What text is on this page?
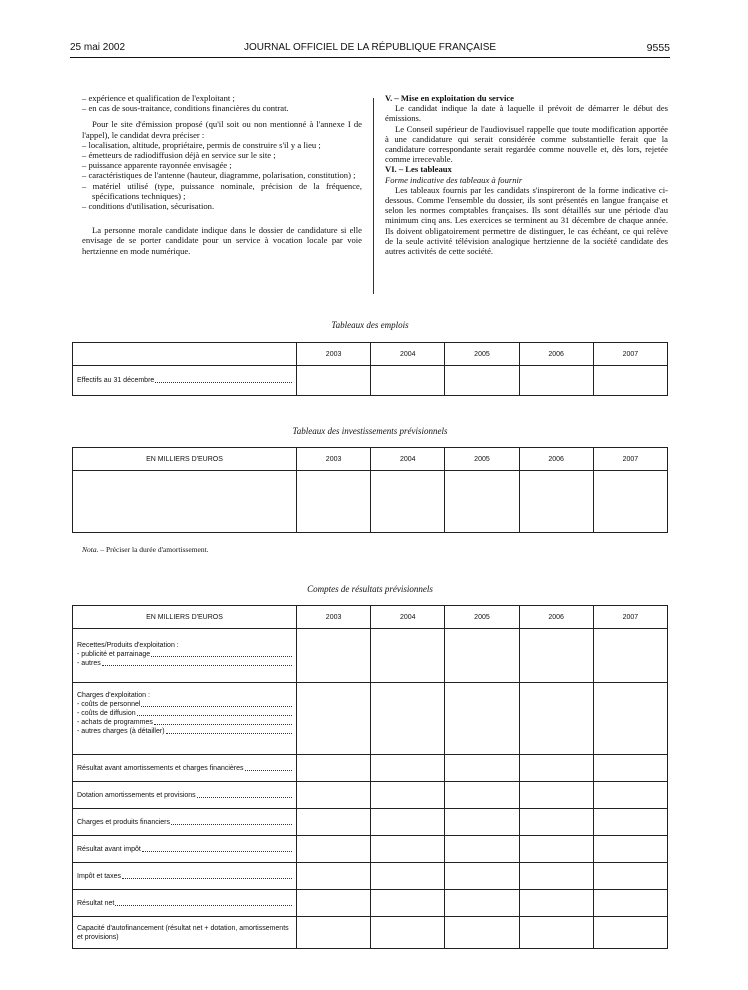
25 mai 2002	JOURNAL OFFICIEL DE LA RÉPUBLIQUE FRANÇAISE	9555
– expérience et qualification de l'exploitant ;
– en cas de sous-traitance, conditions financières du contrat.

Pour le site d'émission proposé (qu'il soit ou non mentionné à l'annexe I de l'appel), le candidat devra préciser :

– localisation, altitude, propriétaire, permis de construire s'il y a lieu ;
– émetteurs de radiodiffusion déjà en service sur le site ;
– puissance apparente rayonnée envisagée ;
– caractéristiques de l'antenne (hauteur, diagramme, polarisation, constitution) ;
– matériel utilisé (type, puissance nominale, précision de la fréquence, spécifications techniques) ;
– conditions d'utilisation, sécurisation.

La personne morale candidate indique dans le dossier de candidature si elle envisage de se porter candidate pour un service à vocation locale par voie hertzienne en mode numérique.

V. – Mise en exploitation du service

Le candidat indique la date à laquelle il prévoit de démarrer le début des émissions.

Le Conseil supérieur de l'audiovisuel rappelle que toute modification apportée à une candidature qui serait considérée comme substantielle ferait que la candidature correspondante serait regardée comme nouvelle et, dès lors, rejetée comme irrecevable.

VI. – Les tableaux

Forme indicative des tableaux à fournir

Les tableaux fournis par les candidats s'inspireront de la forme indicative ci-dessous. Comme l'ensemble du dossier, ils sont présentés en langue française et selon les normes comptables françaises. Ils sont détaillés sur une période d'au minimum cinq ans. Les exercices se terminent au 31 décembre de chaque année. Ils doivent obligatoirement permettre de distinguer, le cas échéant, ce qui relève de la seule activité télévision analogique hertzienne de la société candidate des autres activités de cette société.

Tableaux des emplois
	2003	2004	2005	2006	2007

Effectifs au 31 décembre					

Tableaux des investissements prévisionnels
EN MILLIERS D'EUROS	2003	2004	2005	2006	2007

Nota. – Préciser la durée d'amortissement.
Comptes de résultats prévisionnels
EN MILLIERS D'EUROS	2003	2004	2005	2006	2007

Recettes/Produits d'exploitation :
- publicité et parrainage
- autres					

Charges d'exploitation :
- coûts de personnel
- coûts de diffusion
- achats de programmes
- autres charges (à détailler)					

Résultat avant amortissements et charges financières					

Dotation amortissements et provisions					

Charges et produits financiers					

Résultat avant impôt					

Impôt et taxes					

Résultat net					

Capacité d'autofinancement (résultat net + dotation, amortissements et provisions)					
